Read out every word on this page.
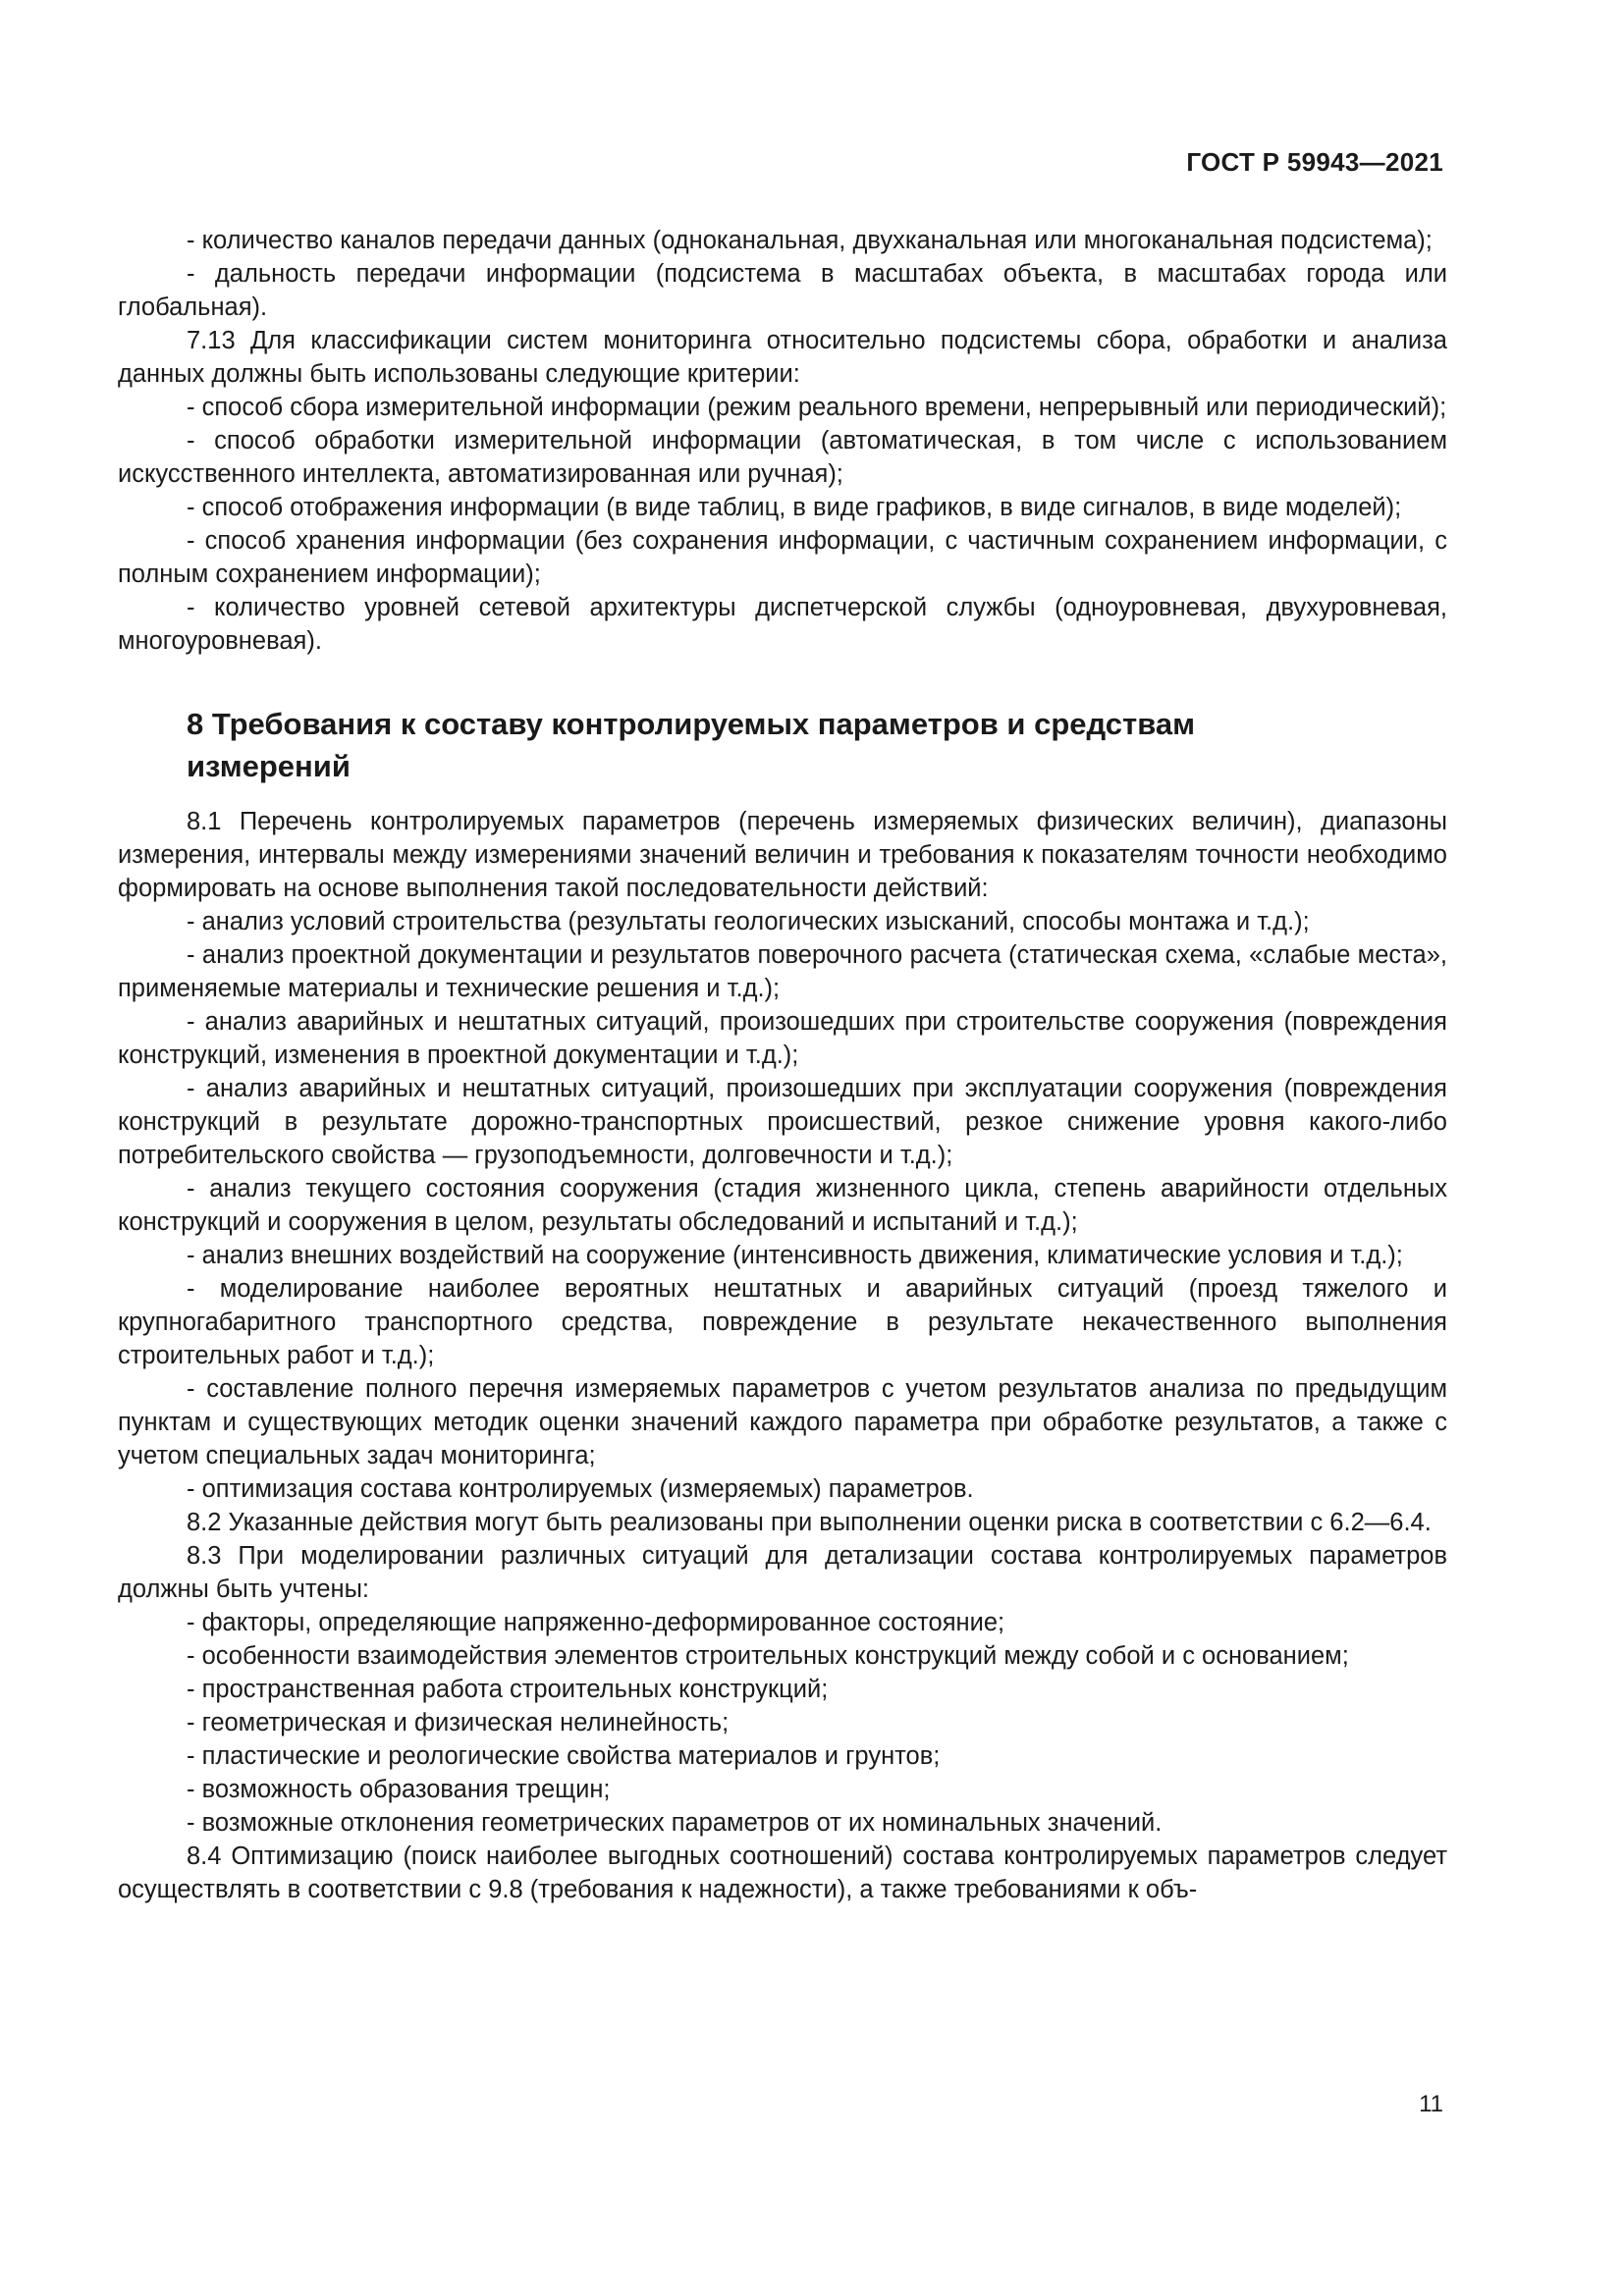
ГОСТ Р 59943—2021

- количество каналов передачи данных (одноканальная, двухканальная или многоканальная подсистема);

- дальность передачи информации (подсистема в масштабах объекта, в масштабах города или глобальная).

7.13 Для классификации систем мониторинга относительно подсистемы сбора, обработки и анализа данных должны быть использованы следующие критерии:

- способ сбора измерительной информации (режим реального времени, непрерывный или периодический);

- способ обработки измерительной информации (автоматическая, в том числе с использованием искусственного интеллекта, автоматизированная или ручная);

- способ отображения информации (в виде таблиц, в виде графиков, в виде сигналов, в виде моделей);

- способ хранения информации (без сохранения информации, с частичным сохранением информации, с полным сохранением информации);

- количество уровней сетевой архитектуры диспетчерской службы (одноуровневая, двухуровневая, многоуровневая).

8 Требования к составу контролируемых параметров и средствам измерений

8.1 Перечень контролируемых параметров (перечень измеряемых физических величин), диапазоны измерения, интервалы между измерениями значений величин и требования к показателям точности необходимо формировать на основе выполнения такой последовательности действий:

- анализ условий строительства (результаты геологических изысканий, способы монтажа и т.д.);

- анализ проектной документации и результатов поверочного расчета (статическая схема, «слабые места», применяемые материалы и технические решения и т.д.);

- анализ аварийных и нештатных ситуаций, произошедших при строительстве сооружения (повреждения конструкций, изменения в проектной документации и т.д.);

- анализ аварийных и нештатных ситуаций, произошедших при эксплуатации сооружения (повреждения конструкций в результате дорожно-транспортных происшествий, резкое снижение уровня какого-либо потребительского свойства — грузоподъемности, долговечности и т.д.);

- анализ текущего состояния сооружения (стадия жизненного цикла, степень аварийности отдельных конструкций и сооружения в целом, результаты обследований и испытаний и т.д.);

- анализ внешних воздействий на сооружение (интенсивность движения, климатические условия и т.д.);

- моделирование наиболее вероятных нештатных и аварийных ситуаций (проезд тяжелого и крупногабаритного транспортного средства, повреждение в результате некачественного выполнения строительных работ и т.д.);

- составление полного перечня измеряемых параметров с учетом результатов анализа по предыдущим пунктам и существующих методик оценки значений каждого параметра при обработке результатов, а также с учетом специальных задач мониторинга;

- оптимизация состава контролируемых (измеряемых) параметров.

8.2 Указанные действия могут быть реализованы при выполнении оценки риска в соответствии с 6.2—6.4.

8.3 При моделировании различных ситуаций для детализации состава контролируемых параметров должны быть учтены:

- факторы, определяющие напряженно-деформированное состояние;

- особенности взаимодействия элементов строительных конструкций между собой и с основанием;

- пространственная работа строительных конструкций;

- геометрическая и физическая нелинейность;

- пластические и реологические свойства материалов и грунтов;

- возможность образования трещин;

- возможные отклонения геометрических параметров от их номинальных значений.

8.4 Оптимизацию (поиск наиболее выгодных соотношений) состава контролируемых параметров следует осуществлять в соответствии с 9.8 (требования к надежности), а также требованиями к объ-

11
